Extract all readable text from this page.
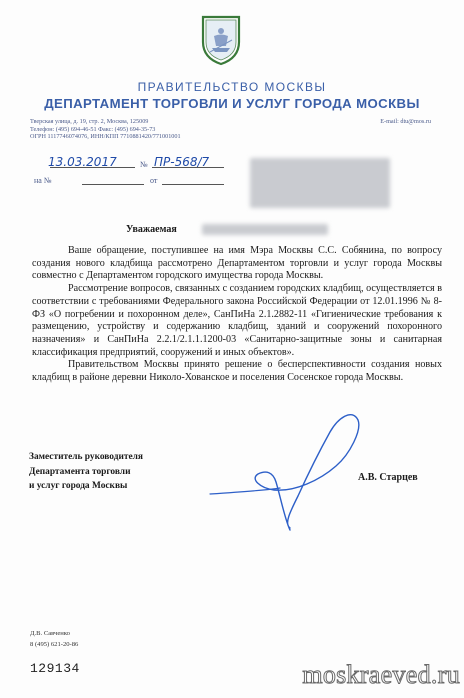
ПРАВИТЕЛЬСТВО МОСКВЫ
ДЕПАРТАМЕНТ ТОРГОВЛИ И УСЛУГ ГОРОДА МОСКВЫ
Тверская улица, д. 19, стр. 2, Москва, 125009
Телефон: (495) 694-46-51 Факс: (495) 694-35-73
ОГРН 1117746074076, ИНН/КПП 7710881420/771001001
E-mail: dtu@mos.ru
13.03.2017	№ ПР-568/7
на №	от
Уважаемая

Ваше обращение, поступившее на имя Мэра Москвы С.С. Собянина, по вопросу создания нового кладбища рассмотрено Департаментом торговли и услуг города Москвы совместно с Департаментом городского имущества города Москвы.

Рассмотрение вопросов, связанных с созданием городских кладбищ, осуществляется в соответствии с требованиями Федерального закона Российской Федерации от 12.01.1996 № 8-ФЗ «О погребении и похоронном деле», СанПиНа 2.1.2882-11 «Гигиенические требования к размещению, устройству и содержанию кладбищ, зданий и сооружений похоронного назначения» и СанПиНа 2.2.1/2.1.1.1200-03 «Санитарно-защитные зоны и санитарная классификация предприятий, сооружений и иных объектов».

Правительством Москвы принято решение о бесперспективности создания новых кладбищ в районе деревни Николо-Хованское и поселения Сосенское города Москвы.

Заместитель руководителя
Департамента торговли
и услуг города Москвы
А.В. Старцев
Д.В. Савченко
8 (495) 621-20-86
129134	moskraeved.ru
